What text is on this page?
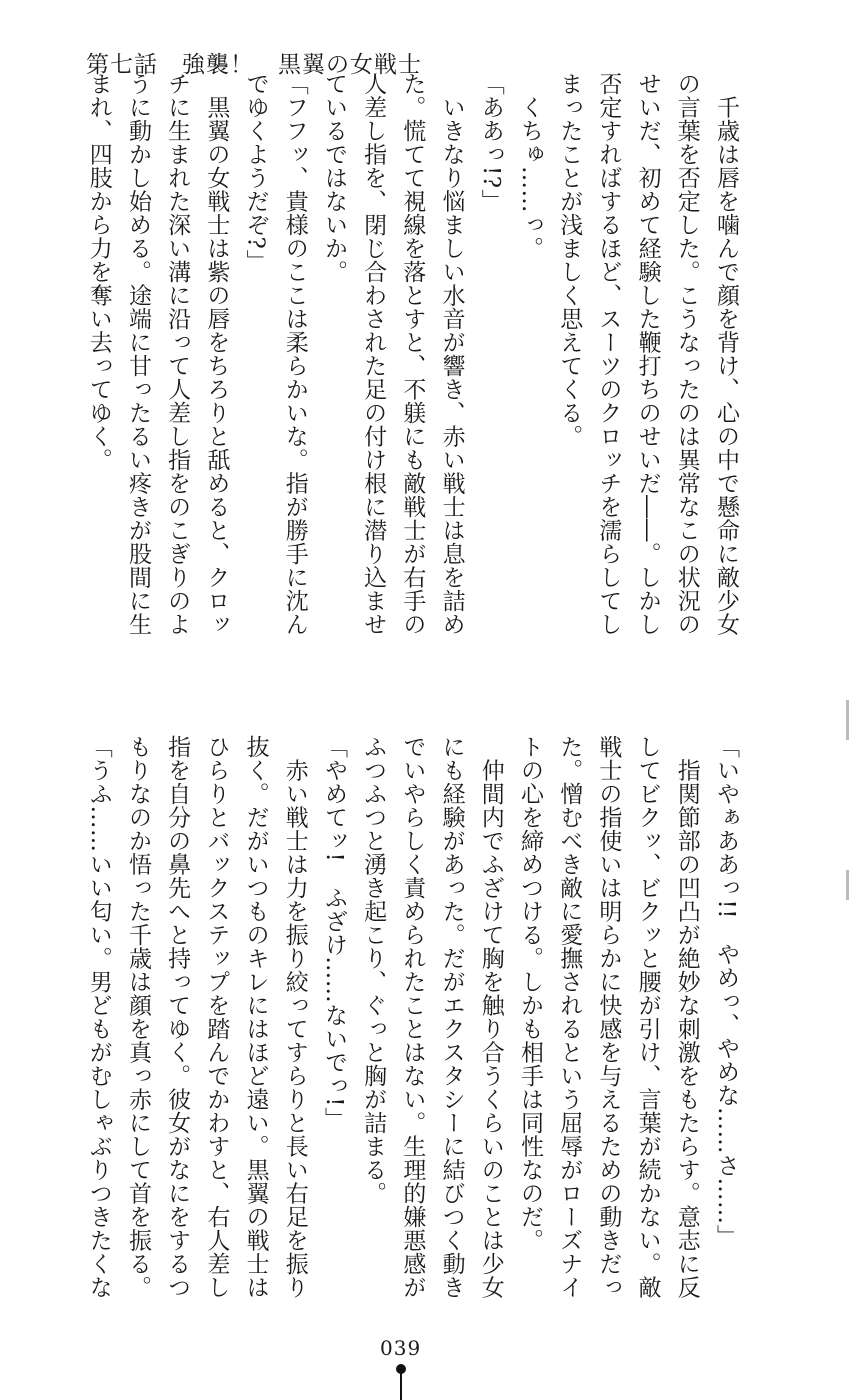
第七話　強襲！　黒翼の女戦士
　千歳は唇を噛んで顔を背け、心の中で懸命に敵少女
の言葉を否定した。こうなったのは異常なこの状況の
せいだ、初めて経験した鞭打ちのせいだ――。しかし
否定すればするほど、スーツのクロッチを濡らしてし
まったことが浅ましく思えてくる。
　くちゅ……っ。
「ああっ!?」
　いきなり悩ましい水音が響き、赤い戦士は息を詰め
た。慌てて視線を落とすと、不躾にも敵戦士が右手の
人差し指を、閉じ合わされた足の付け根に潜り込ませ
ているではないか。
「フフッ、貴様のここは柔らかいな。指が勝手に沈ん
でゆくようだぞ?」
　黒翼の女戦士は紫の唇をちろりと舐めると、クロッ
チに生まれた深い溝に沿って人差し指をのこぎりのよ
うに動かし始める。途端に甘ったるい疼きが股間に生
まれ、四肢から力を奪い去ってゆく。
「いやぁああっ!!　やめっ、やめな……さ……」
　指関節部の凹凸が絶妙な刺激をもたらす。意志に反
してビクッ、ビクッと腰が引け、言葉が続かない。敵
戦士の指使いは明らかに快感を与えるための動きだっ
た。憎むべき敵に愛撫されるという屈辱がローズナイ
トの心を締めつける。しかも相手は同性なのだ。
　仲間内でふざけて胸を触り合うくらいのことは少女
にも経験があった。だがエクスタシーに結びつく動き
でいやらしく責められたことはない。生理的嫌悪感が
ふつふつと湧き起こり、ぐっと胸が詰まる。
「やめてッ!　ふざけ……ないでっ!」
　赤い戦士は力を振り絞ってすらりと長い右足を振り
抜く。だがいつものキレにはほど遠い。黒翼の戦士は
ひらりとバックステップを踏んでかわすと、右人差し
指を自分の鼻先へと持ってゆく。彼女がなにをするつ
もりなのか悟った千歳は顔を真っ赤にして首を振る。
「うふ……いい匂い。男どもがむしゃぶりつきたくな
039
